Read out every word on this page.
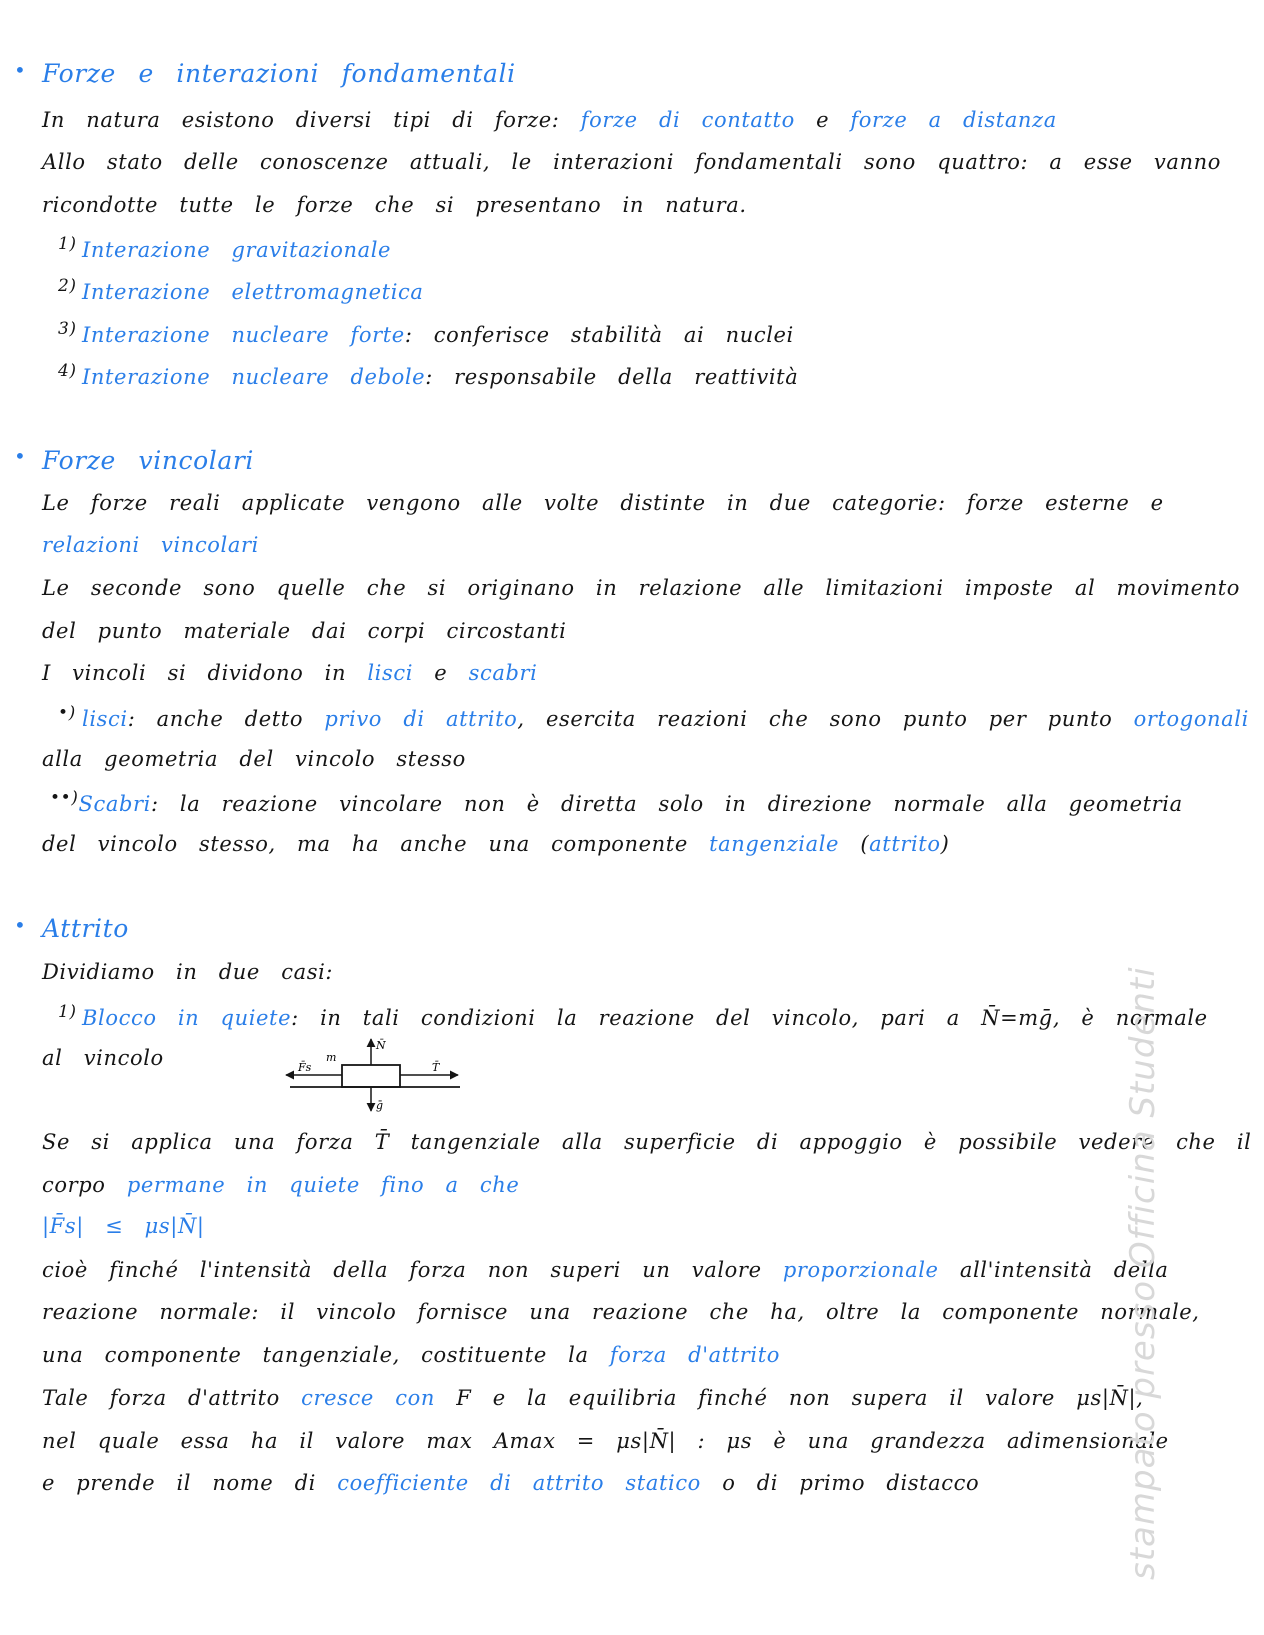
• Forze e interazioni fondamentali
In natura esistono diversi tipi di forze: forze di contatto e forze a distanza
Allo stato delle conoscenze attuali, le interazioni fondamentali sono quattro: a esse vanno
ricondotte tutte le forze che si presentano in natura.
1) Interazione gravitazionale
2) Interazione elettromagnetica
3) Interazione nucleare forte: conferisce stabilità ai nuclei
4) Interazione nucleare debole: responsabile della reattività
• Forze vincolari
Le forze reali applicate vengono alle volte distinte in due categorie: forze esterne e
relazioni vincolari
Le seconde sono quelle che si originano in relazione alle limitazioni imposte al movimento
del punto materiale dai corpi circostanti
I vincoli si dividono in lisci e scabri
•) lisci: anche detto privo di attrito, esercita reazioni che sono punto per punto ortogonali
alla geometria del vincolo stesso
••)Scabri: la reazione vincolare non è diretta solo in direzione normale alla geometria
del vincolo stesso, ma ha anche una componente tangenziale (attrito)
• Attrito
Dividiamo in due casi:
1) Blocco in quiete: in tali condizioni la reazione del vincolo, pari a N̄=mḡ, è normale
al vincolo	F̄s
m
N̄
ḡ
T̄
Se si applica una forza T̄ tangenziale alla superficie di appoggio è possibile vedere che il
corpo permane in quiete fino a che
|F̄s| ≤ μs|N̄|
cioè finché l'intensità della forza non superi un valore proporzionale all'intensità della
reazione normale: il vincolo fornisce una reazione che ha, oltre la componente normale,
una componente tangenziale, costituente la forza d'attrito
Tale forza d'attrito cresce con F e la equilibria finché non supera il valore μs|N̄|,
nel quale essa ha il valore max Amax = μs|N̄| : μs è una grandezza adimensionale
e prende il nome di coefficiente di attrito statico o di primo distacco	stampato presso Officina Studenti
